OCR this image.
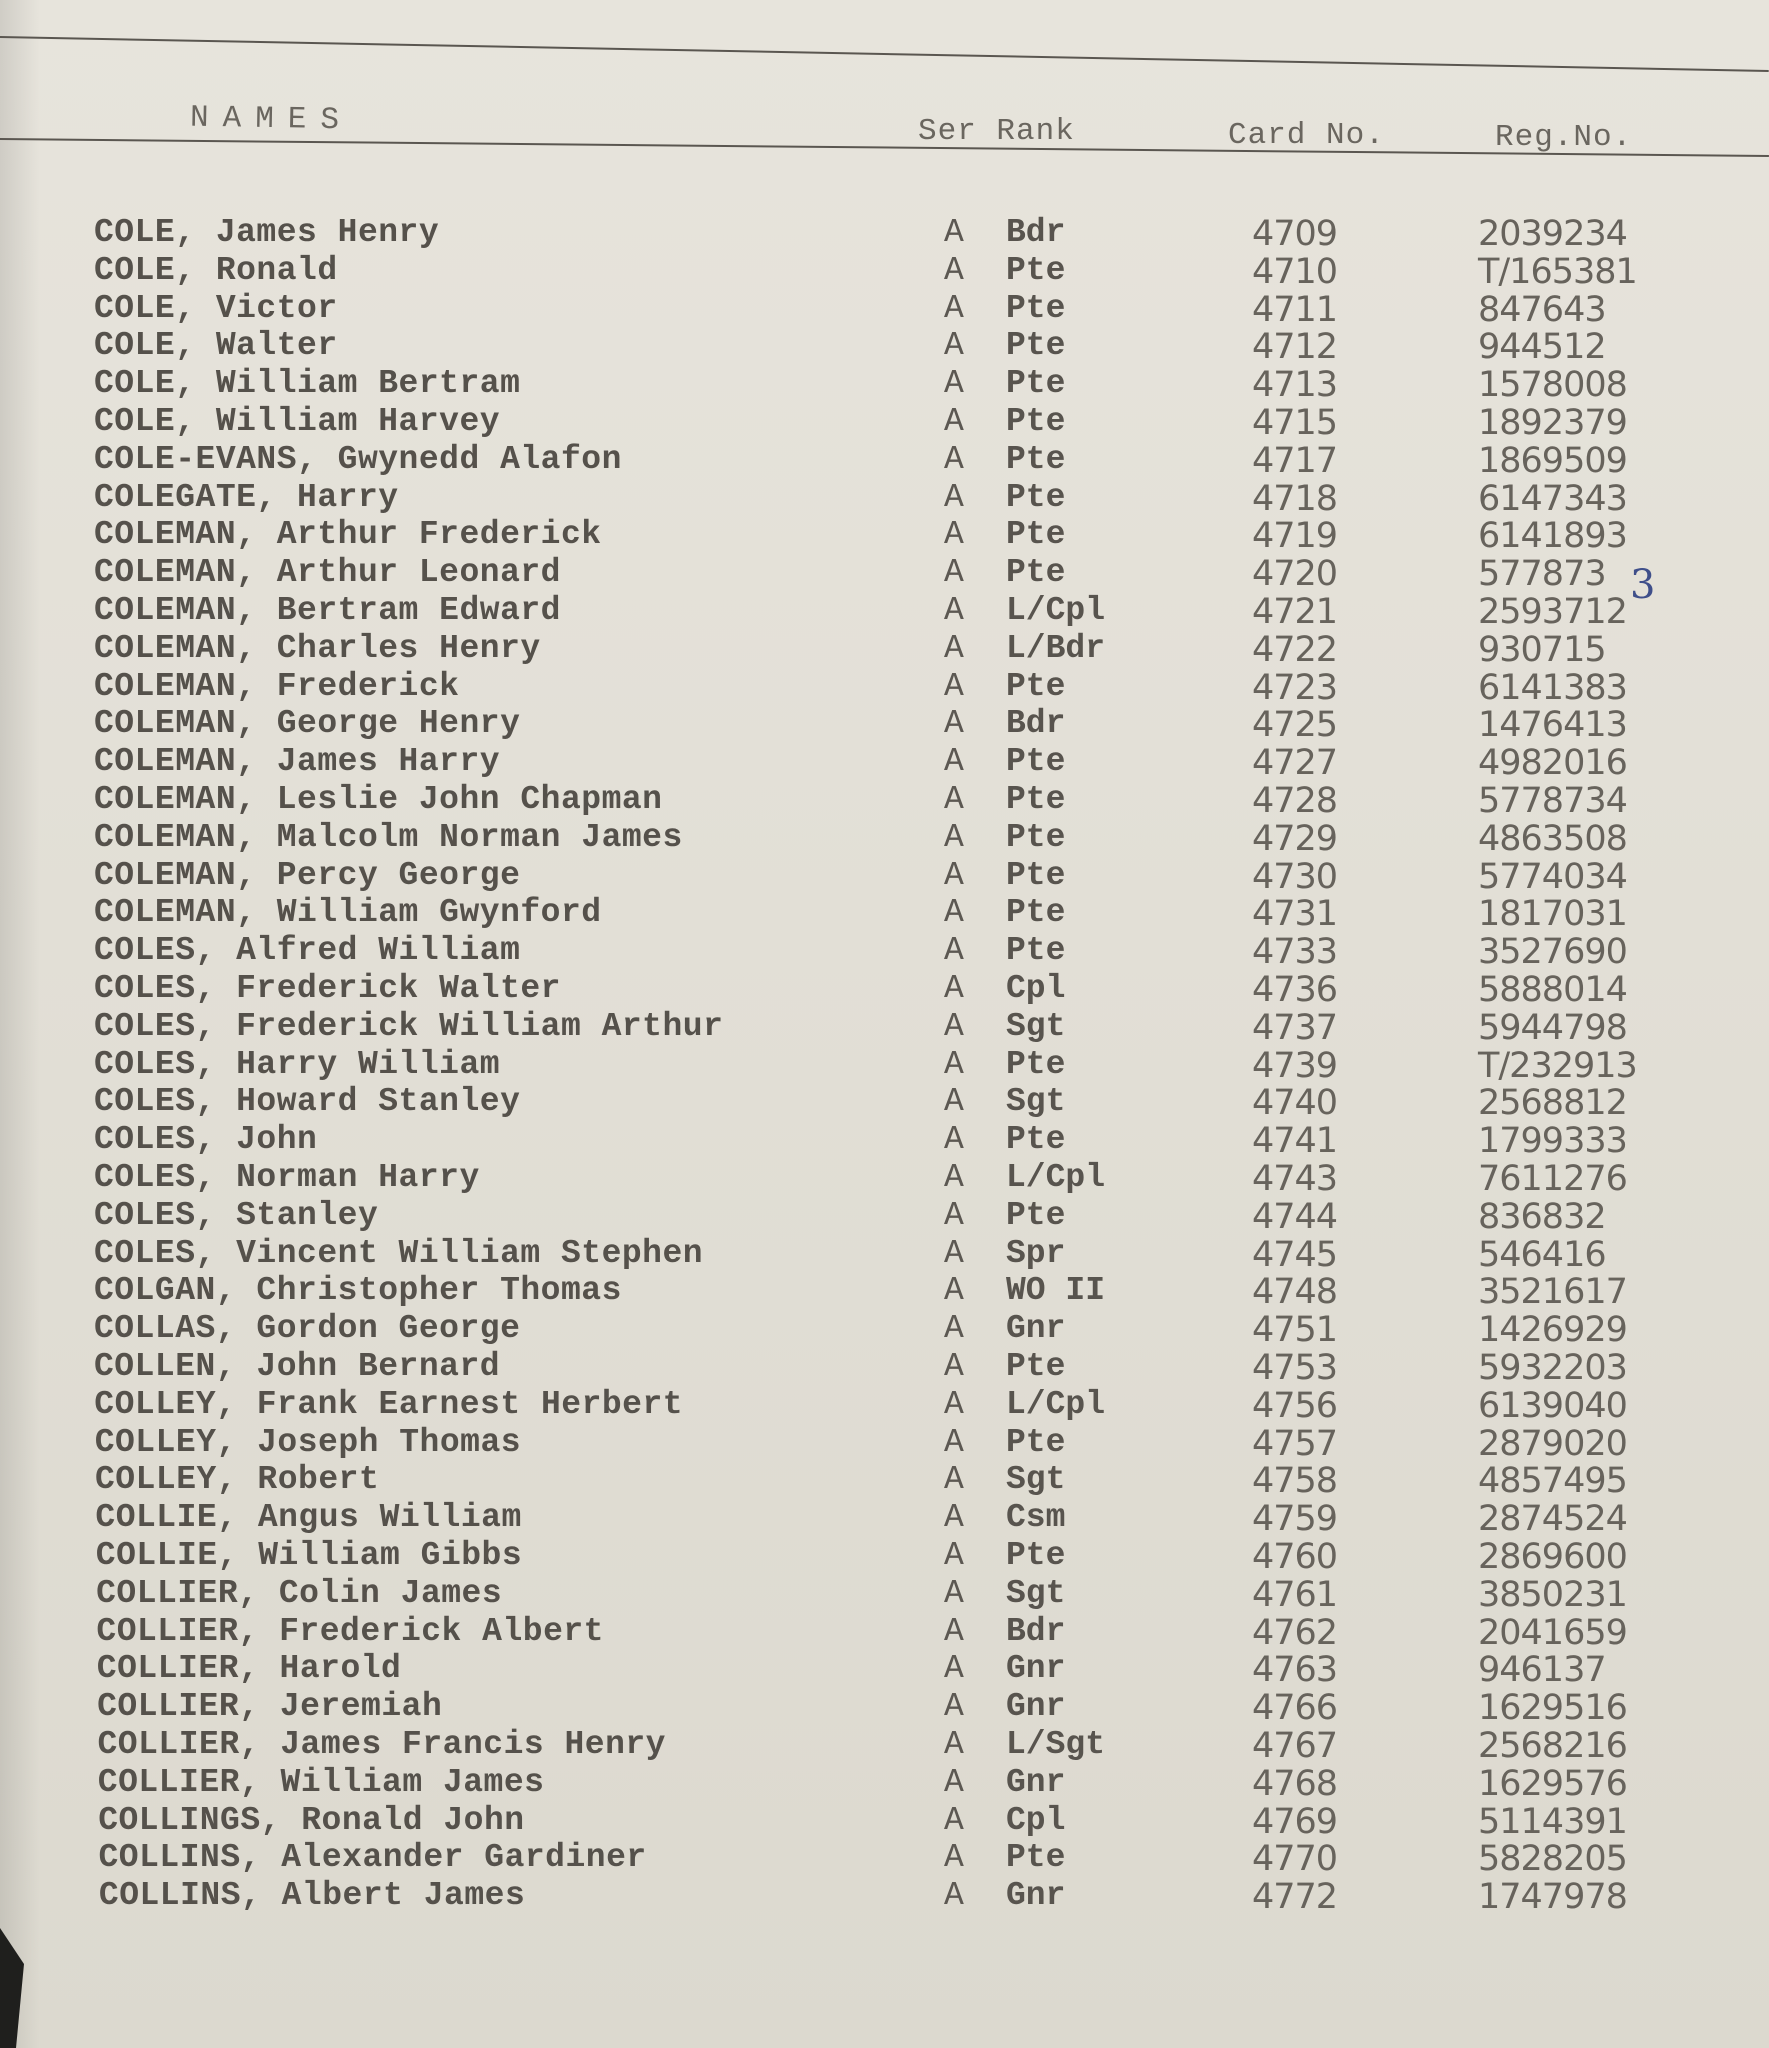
NAMES	Ser Rank	Card No.	Reg.No.
COLE, James Henry	A Bdr	4709	2039234
COLE, Ronald	A Pte	4710	T/165381
COLE, Victor	A Pte	4711	847643
COLE, Walter	A Pte	4712	944512
COLE, William Bertram	A Pte	4713	1578008
COLE, William Harvey	A Pte	4715	1892379
COLE-EVANS, Gwynedd Alafon	A Pte	4717	1869509
COLEGATE, Harry	A Pte	4718	6147343
COLEMAN, Arthur Frederick	A Pte	4719	6141893
COLEMAN, Arthur Leonard	A Pte	4720	577873
COLEMAN, Bertram Edward	A L/Cpl	4721	2593712
COLEMAN, Charles Henry	A L/Bdr	4722	930715
COLEMAN, Frederick	A Pte	4723	6141383
COLEMAN, George Henry	A Bdr	4725	1476413
COLEMAN, James Harry	A Pte	4727	4982016
COLEMAN, Leslie John Chapman	A Pte	4728	5778734
COLEMAN, Malcolm Norman James	A Pte	4729	4863508
COLEMAN, Percy George	A Pte	4730	5774034
COLEMAN, William Gwynford	A Pte	4731	1817031
COLES, Alfred William	A Pte	4733	3527690
COLES, Frederick Walter	A Cpl	4736	5888014
COLES, Frederick William Arthur	A Sgt	4737	5944798
COLES, Harry William	A Pte	4739	T/232913
COLES, Howard Stanley	A Sgt	4740	2568812
COLES, John	A Pte	4741	1799333
COLES, Norman Harry	A L/Cpl	4743	7611276
COLES, Stanley	A Pte	4744	836832
COLES, Vincent William Stephen	A Spr	4745	546416
COLGAN, Christopher Thomas	A WO II	4748	3521617
COLLAS, Gordon George	A Gnr	4751	1426929
COLLEN, John Bernard	A Pte	4753	5932203
COLLEY, Frank Earnest Herbert	A L/Cpl	4756	6139040
COLLEY, Joseph Thomas	A Pte	4757	2879020
COLLEY, Robert	A Sgt	4758	4857495
COLLIE, Angus William	A Csm	4759	2874524
COLLIE, William Gibbs	A Pte	4760	2869600
COLLIER, Colin James	A Sgt	4761	3850231
COLLIER, Frederick Albert	A Bdr	4762	2041659
COLLIER, Harold	A Gnr	4763	946137
COLLIER, Jeremiah	A Gnr	4766	1629516
COLLIER, James Francis Henry	A L/Sgt	4767	2568216
COLLIER, William James	A Gnr	4768	1629576
COLLINGS, Ronald John	A Cpl	4769	5114391
COLLINS, Alexander Gardiner	A Pte	4770	5828205
COLLINS, Albert James	A Gnr	4772	1747978
3
